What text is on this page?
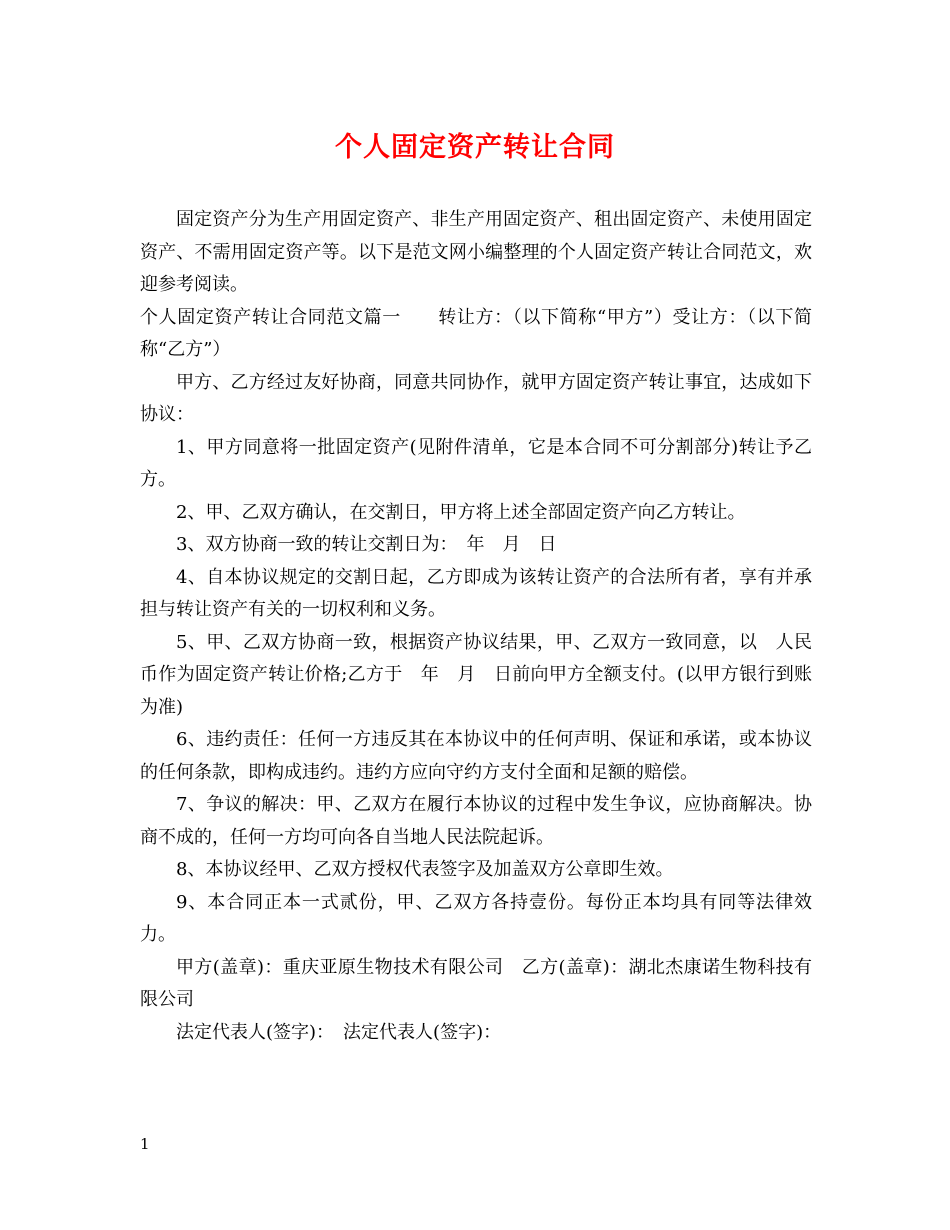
个人固定资产转让合同

固定资产分为生产用固定资产、非生产用固定资产、租出固定资产、未使用固定资产、不需用固定资产等。以下是范文网小编整理的个人固定资产转让合同范文，欢迎参考阅读。

个人固定资产转让合同范文篇一　　转让方：（以下简称“甲方”）受让方：（以下简称“乙方”）

甲方、乙方经过友好协商，同意共同协作，就甲方固定资产转让事宜，达成如下协议：

1、甲方同意将一批固定资产(见附件清单，它是本合同不可分割部分)转让予乙方。

2、甲、乙双方确认，在交割日，甲方将上述全部固定资产向乙方转让。

3、双方协商一致的转让交割日为：　年　月　日

4、自本协议规定的交割日起，乙方即成为该转让资产的合法所有者，享有并承担与转让资产有关的一切权利和义务。

5、甲、乙双方协商一致，根据资产协议结果，甲、乙双方一致同意，以　人民币作为固定资产转让价格;乙方于　年　月　日前向甲方全额支付。(以甲方银行到账为准)

6、违约责任：任何一方违反其在本协议中的任何声明、保证和承诺，或本协议的任何条款，即构成违约。违约方应向守约方支付全面和足额的赔偿。

7、争议的解决：甲、乙双方在履行本协议的过程中发生争议，应协商解决。协商不成的，任何一方均可向各自当地人民法院起诉。

8、本协议经甲、乙双方授权代表签字及加盖双方公章即生效。

9、本合同正本一式贰份，甲、乙双方各持壹份。每份正本均具有同等法律效力。

甲方(盖章)：重庆亚原生物技术有限公司　乙方(盖章)：湖北杰康诺生物科技有限公司

法定代表人(签字)：　法定代表人(签字)：

1
